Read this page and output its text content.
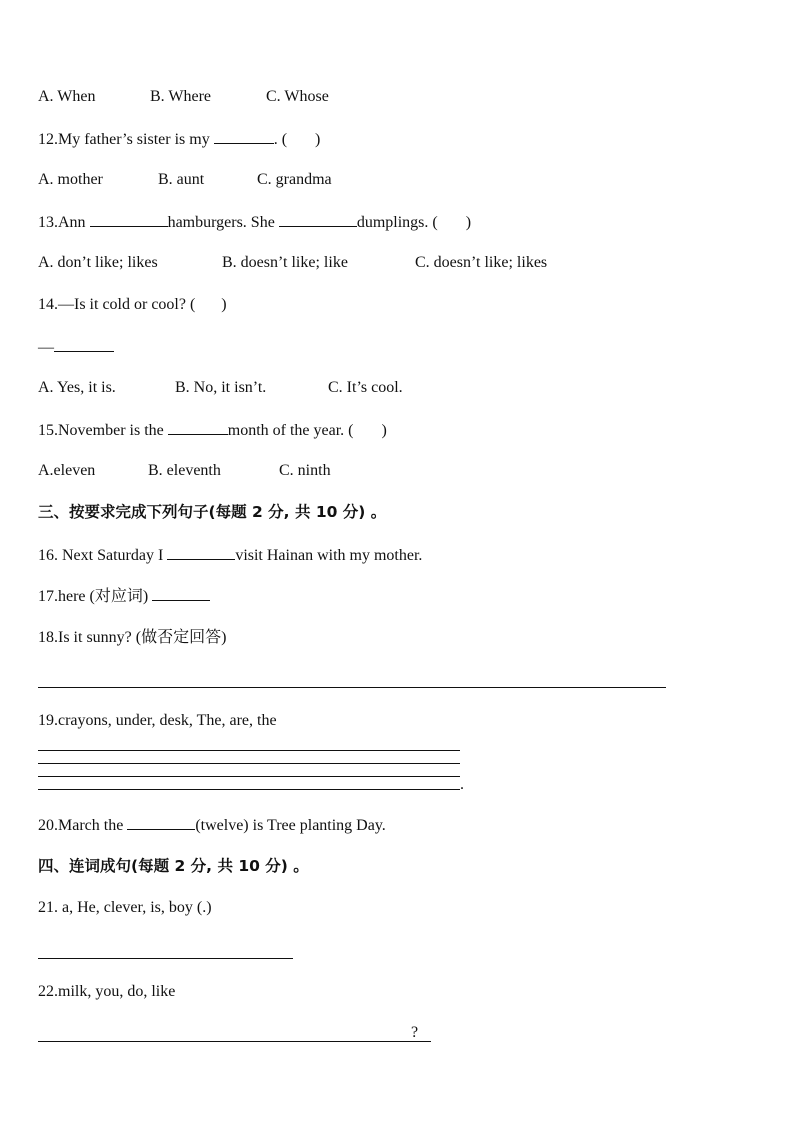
A. When	B. Where	C. Whose
12.My father’s sister is my	. ( )
A. mother	B. aunt	C. grandma
13.Ann	hamburgers. She	dumplings. ( )
A. don’t like; likes	B. doesn’t like; like	C. doesn’t like; likes
14.—Is it cold or cool? ( )
—
A. Yes, it is.	B. No, it isn’t.	C. It’s cool.
15.November is the	month of the year. ( )
A.eleven	B. eleventh	C. ninth
三、按要求完成下列句子(每题 2 分, 共 10 分) 。
16. Next Saturday I	visit Hainan with my mother.
17.here (对应词)
18.Is it sunny? (做否定回答)
19.crayons, under, desk, The, are, the
.
20.March the	(twelve) is Tree planting Day.
四、连词成句(每题 2 分, 共 10 分) 。
21. a, He, clever, is, boy (.)
22.milk, you, do, like
?
